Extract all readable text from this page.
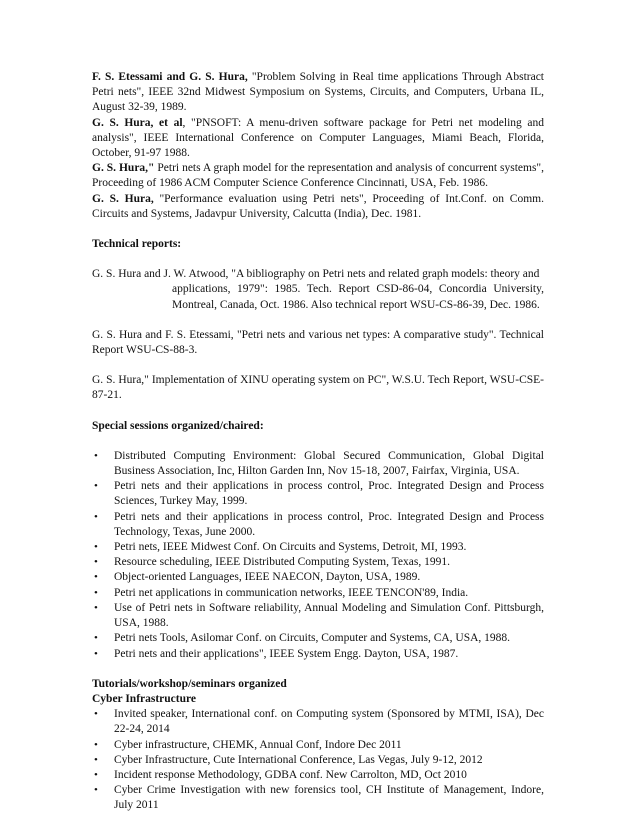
F. S. Etessami and G. S. Hura, "Problem Solving in Real time applications Through Abstract Petri nets", IEEE 32nd Midwest Symposium on Systems, Circuits, and Computers, Urbana IL, August 32-39, 1989.

G. S. Hura, et al, "PNSOFT: A menu-driven software package for Petri net modeling and analysis", IEEE International Conference on Computer Languages, Miami Beach, Florida, October, 91-97 1988.

G. S. Hura," Petri nets A graph model for the representation and analysis of concurrent systems", Proceeding of 1986 ACM Computer Science Conference Cincinnati, USA, Feb. 1986.

G. S. Hura, "Performance evaluation using Petri nets", Proceeding of Int.Conf. on Comm. Circuits and Systems, Jadavpur University, Calcutta (India), Dec. 1981.

Technical reports:

G. S. Hura and J. W. Atwood, "A bibliography on Petri nets and related graph models: theory and
applications, 1979": 1985. Tech. Report CSD-86-04, Concordia University, Montreal, Canada, Oct. 1986. Also technical report WSU-CS-86-39, Dec. 1986.

G. S. Hura and F. S. Etessami, "Petri nets and various net types: A comparative study". Technical Report WSU-CS-88-3.

G. S. Hura," Implementation of XINU operating system on PC", W.S.U. Tech Report, WSU-CSE- 87-21.

Special sessions organized/chaired:

• Distributed Computing Environment: Global Secured Communication, Global Digital Business Association, Inc, Hilton Garden Inn, Nov 15-18, 2007, Fairfax, Virginia, USA.
• Petri nets and their applications in process control, Proc. Integrated Design and Process Sciences, Turkey May, 1999.
• Petri nets and their applications in process control, Proc. Integrated Design and Process Technology, Texas, June 2000.
• Petri nets, IEEE Midwest Conf. On Circuits and Systems, Detroit, MI, 1993.
• Resource scheduling, IEEE Distributed Computing System, Texas, 1991.
• Object-oriented Languages, IEEE NAECON, Dayton, USA, 1989.
• Petri net applications in communication networks, IEEE TENCON'89, India.
• Use of Petri nets in Software reliability, Annual Modeling and Simulation Conf. Pittsburgh, USA, 1988.
• Petri nets Tools, Asilomar Conf. on Circuits, Computer and Systems, CA, USA, 1988.
• Petri nets and their applications", IEEE System Engg. Dayton, USA, 1987.

Tutorials/workshop/seminars organized

Cyber Infrastructure

• Invited speaker, International conf. on Computing system (Sponsored by MTMI, ISA), Dec 22-24, 2014
• Cyber infrastructure, CHEMK, Annual Conf, Indore Dec 2011
• Cyber Infrastructure, Cute International Conference, Las Vegas, July 9-12, 2012
• Incident response Methodology, GDBA conf. New Carrolton, MD, Oct 2010
• Cyber Crime Investigation with new forensics tool, CH Institute of Management, Indore, July 2011
